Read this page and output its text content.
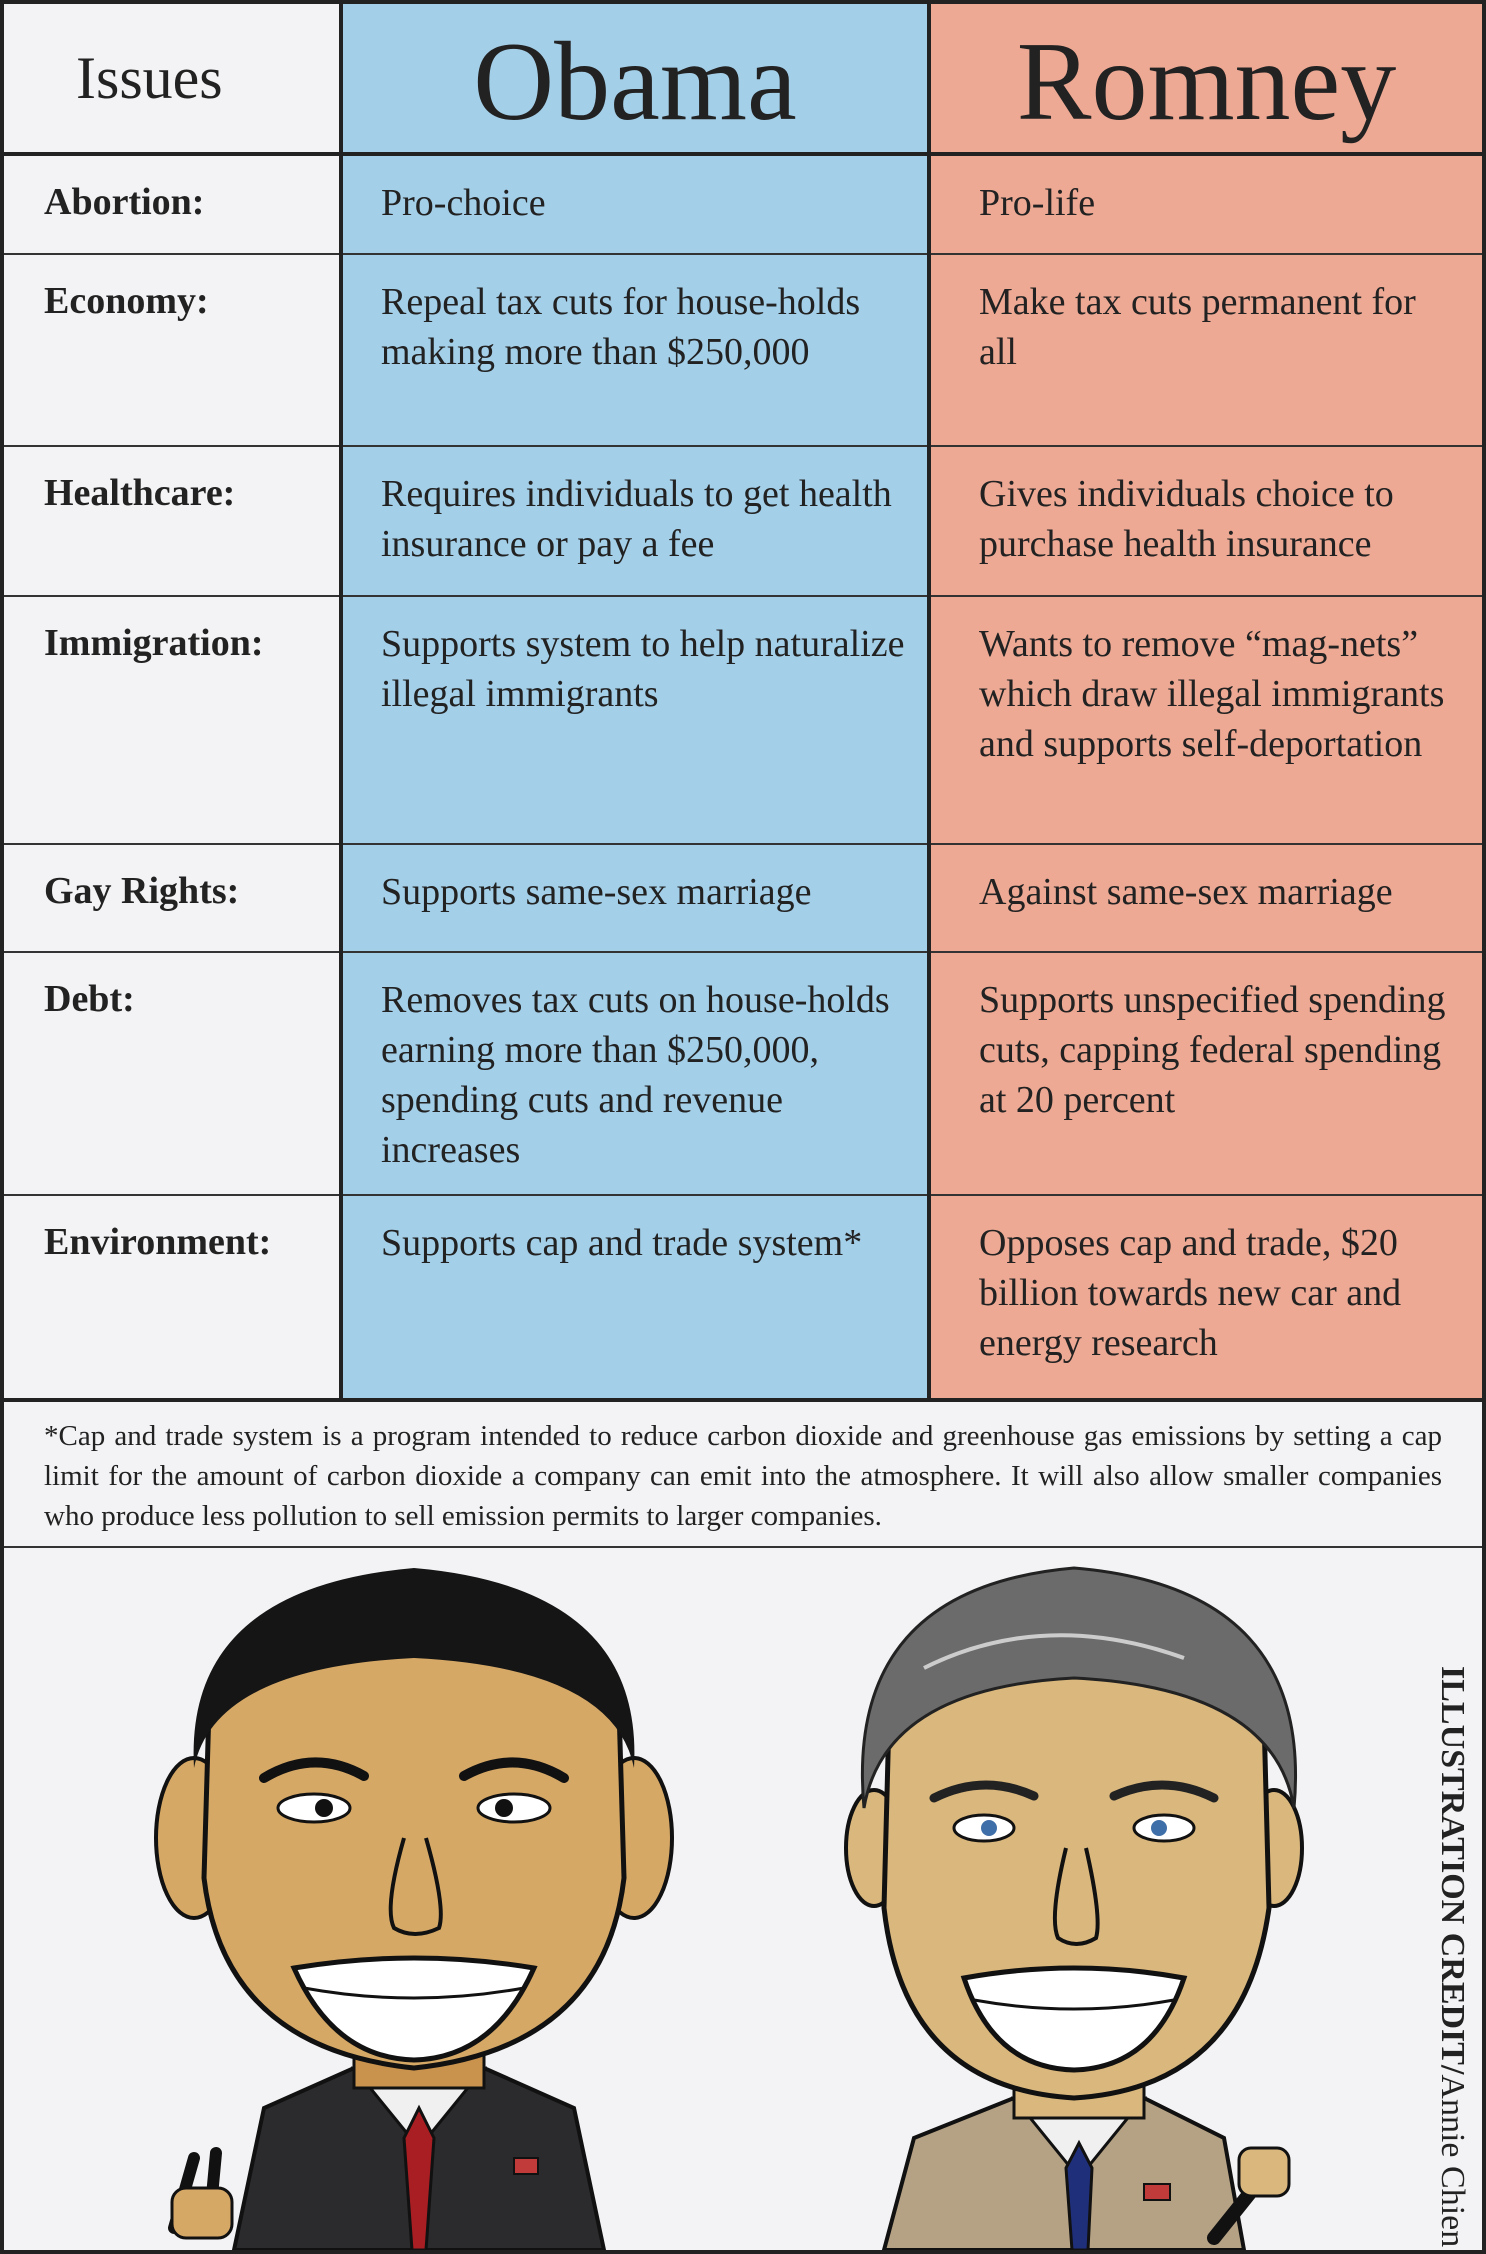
Issues	Obama	Romney

Abortion:	Pro-choice	Pro-life

Economy:	Repeal tax cuts for house-holds making more than $250,000	Make tax cuts permanent for all

Healthcare:	Requires individuals to get health insurance or pay a fee	Gives individuals choice to purchase health insurance

Immigration:	Supports system to help naturalize illegal immigrants	Wants to remove “mag-nets” which draw illegal immigrants and supports self-deportation

Gay Rights:	Supports same-sex marriage	Against same-sex marriage

Debt:	Removes tax cuts on house-holds earning more than $250,000, spending cuts and revenue increases	Supports unspecified spending cuts, capping federal spending at 20 percent

Environment:	Supports cap and trade system*	Opposes cap and trade, $20 billion towards new car and energy research
*Cap and trade system is a program intended to reduce carbon dioxide and greenhouse gas emissions by setting a cap limit for the amount of carbon dioxide a company can emit into the atmosphere. It will also allow smaller companies who produce less pollution to sell emission permits to larger companies.
ILLUSTRATION CREDIT/Annie Chien
